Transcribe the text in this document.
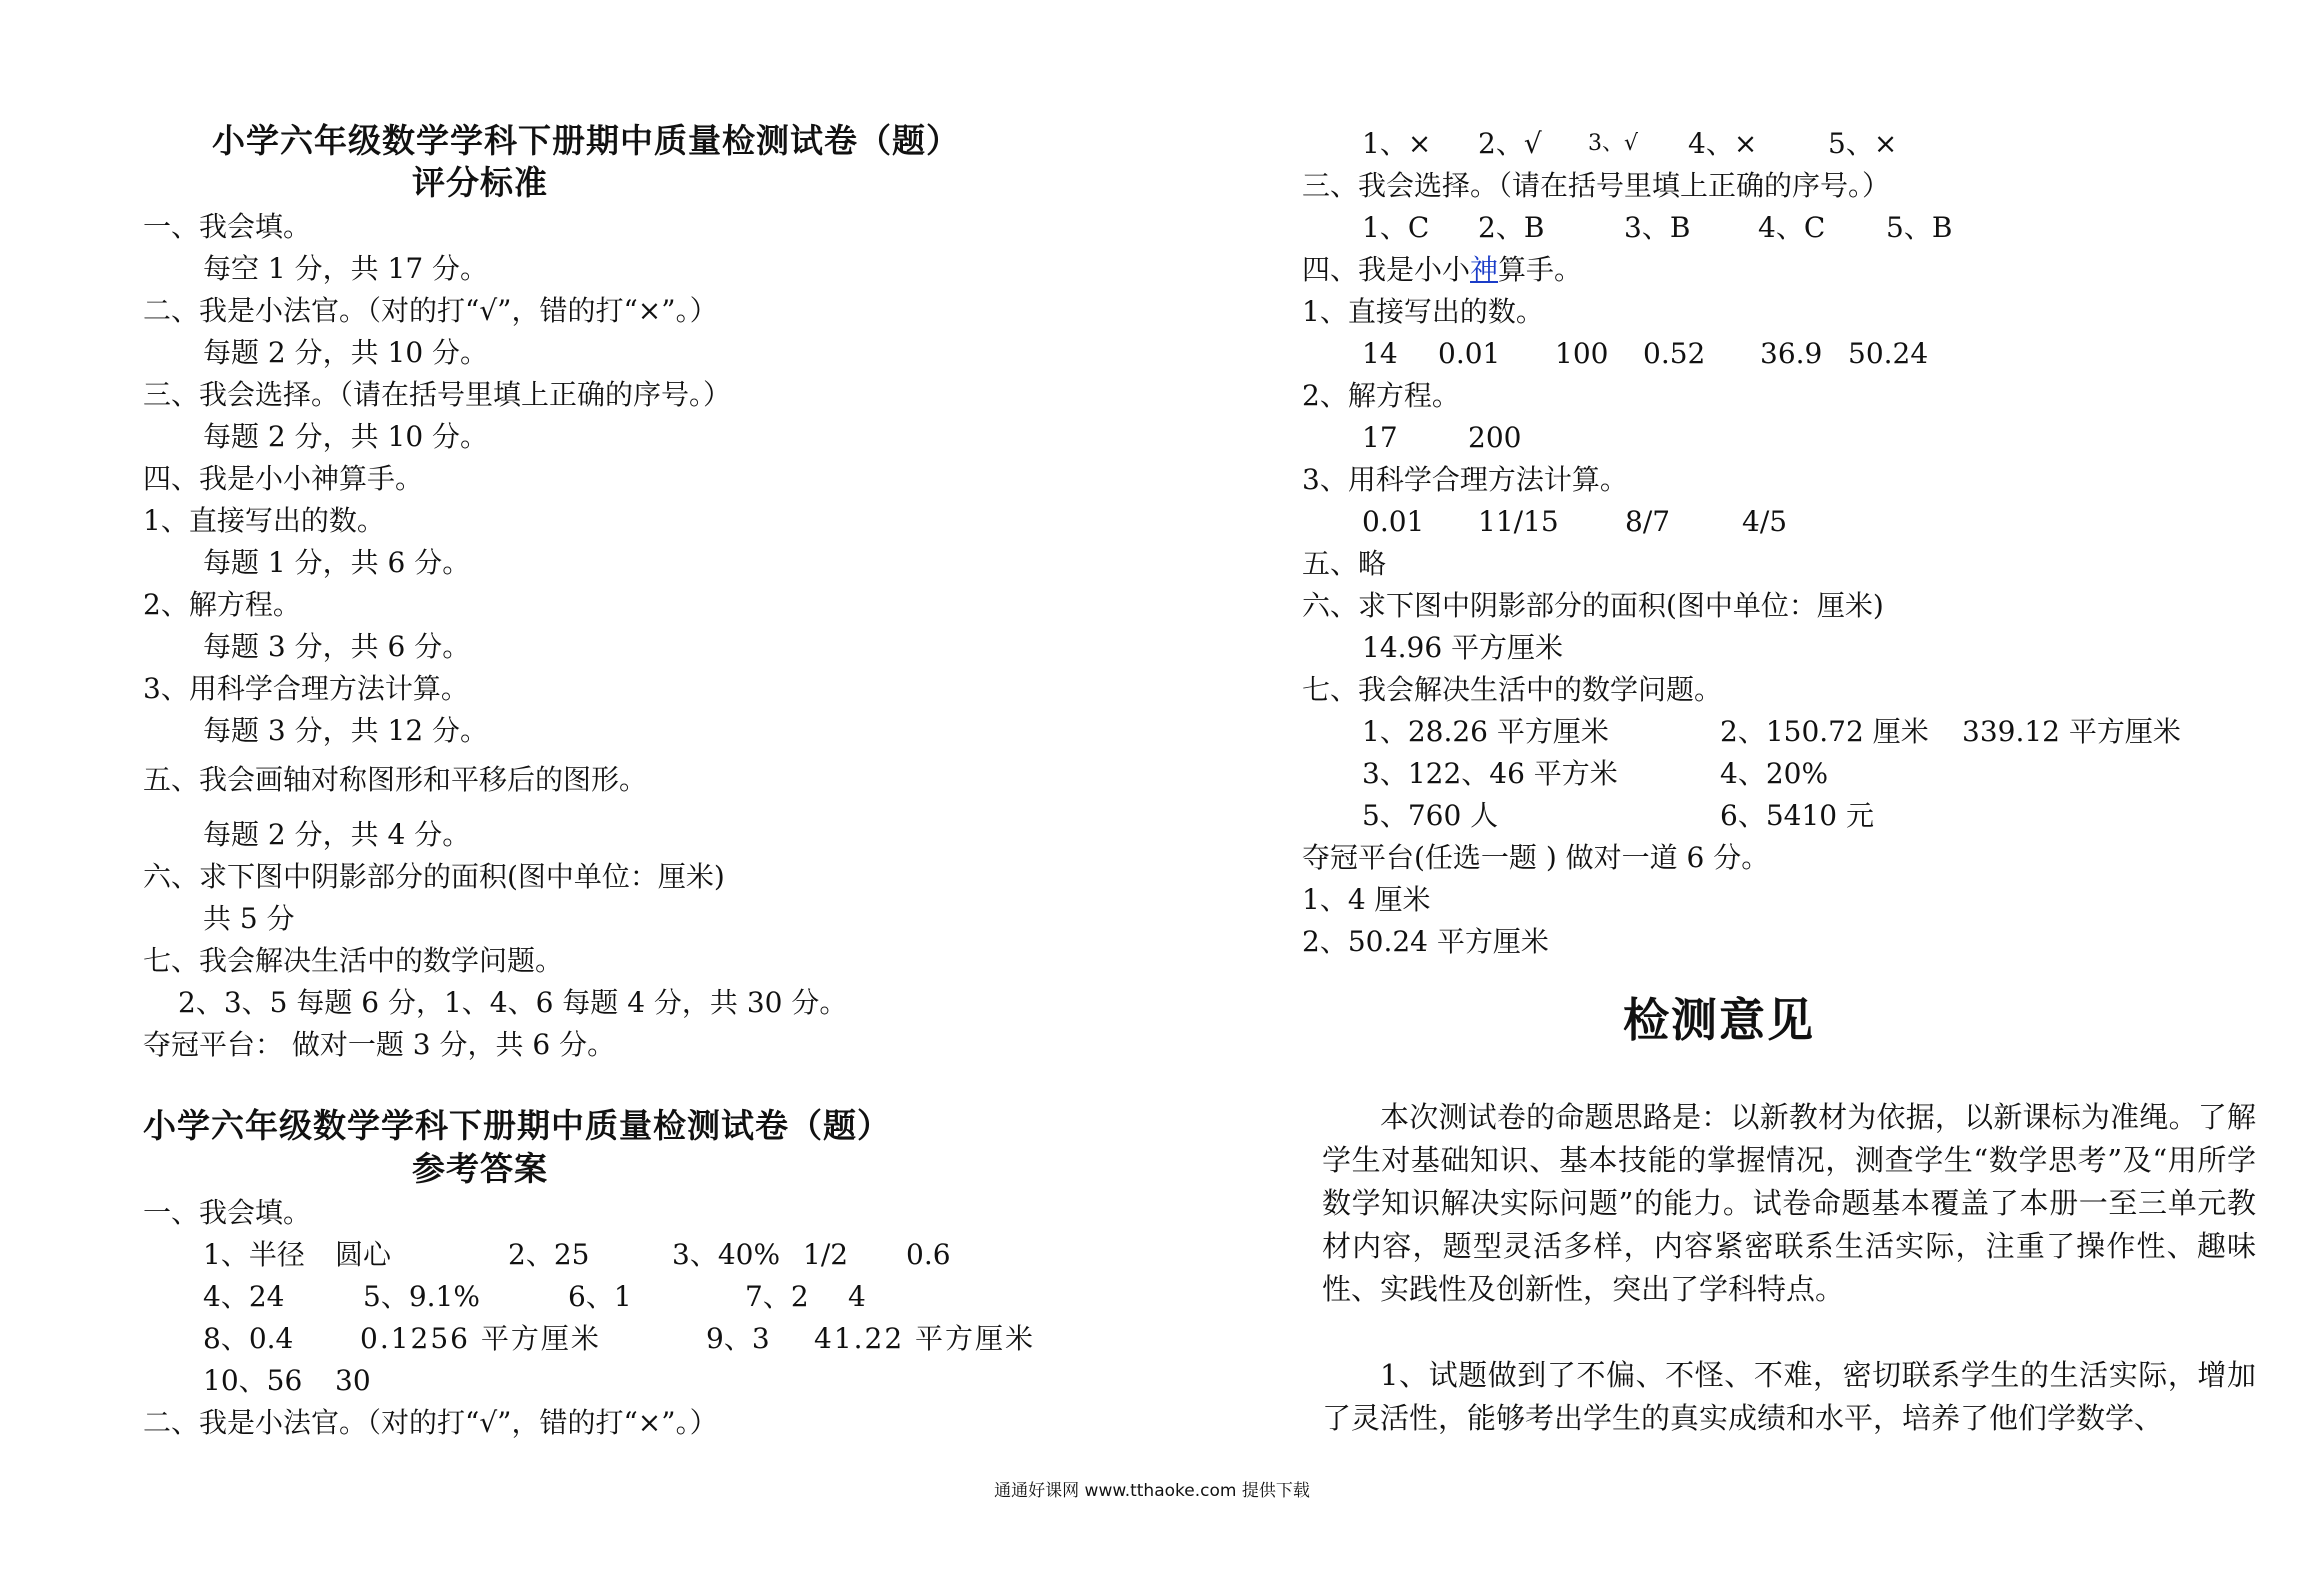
小学六年级数学学科下册期中质量检测试卷（题）
评分标准
一、我会填。
每空 1 分，共 17 分。
二、我是小法官。（对的打“√”，错的打“×”。）
每题 2 分，共 10 分。
三、我会选择。（请在括号里填上正确的序号。）
每题 2 分，共 10 分。
四、我是小小神算手。
1、直接写出的数。
每题 1 分，共 6 分。
2、解方程。
每题 3 分，共 6 分。
3、用科学合理方法计算。
每题 3 分，共 12 分。
五、我会画轴对称图形和平移后的图形。
每题 2 分，共 4 分。
六、求下图中阴影部分的面积(图中单位：厘米)
共 5 分
七、我会解决生活中的数学问题。
2、3、5 每题 6 分，1、4、6 每题 4 分，共 30 分。
夺冠平台： 做对一题 3 分，共 6 分。
小学六年级数学学科下册期中质量检测试卷（题）
参考答案
一、我会填。
1、半径 圆心	2、25	3、40% 1/2 0.6
4、24	5、9.1%	6、1	7、2 4
8、0.4 0.1256 平方厘米	9、3 41.22 平方厘米
10、56 30
二、我是小法官。（对的打“√”，错的打“×”。）
1、× 2、√ 3、√ 4、×	5、×
三、我会选择。（请在括号里填上正确的序号。）
1、C 2、B	3、B 4、C 5、B
四、我是小小神算手。
1、直接写出的数。
14 0.01 100 0.52 36.9 50.24
2、解方程。
17	200
3、用科学合理方法计算。
0.01 11/15 8/7	4/5
五、略
六、求下图中阴影部分的面积(图中单位：厘米)
14.96 平方厘米
七、我会解决生活中的数学问题。
1、28.26 平方厘米	2、150.72 厘米 339.12 平方厘米
3、122、46 平方米	4、20%
5、760 人	6、5410 元
夺冠平台(任选一题 ) 做对一道 6 分。
1、4 厘米
2、50.24 平方厘米
检测意见
本次测试卷的命题思路是：以新教材为依据，以新课标为准绳。了解学生对基础知识、基本技能的掌握情况，测查学生“数学思考”及“用所学数学知识解决实际问题”的能力。试卷命题基本覆盖了本册一至三单元教材内容，题型灵活多样，内容紧密联系生活实际，注重了操作性、趣味性、实践性及创新性，突出了学科特点。
1、试题做到了不偏、不怪、不难，密切联系学生的生活实际，增加了灵活性，能够考出学生的真实成绩和水平，培养了他们学数学、
通通好课网 www.tthaoke.com 提供下载
